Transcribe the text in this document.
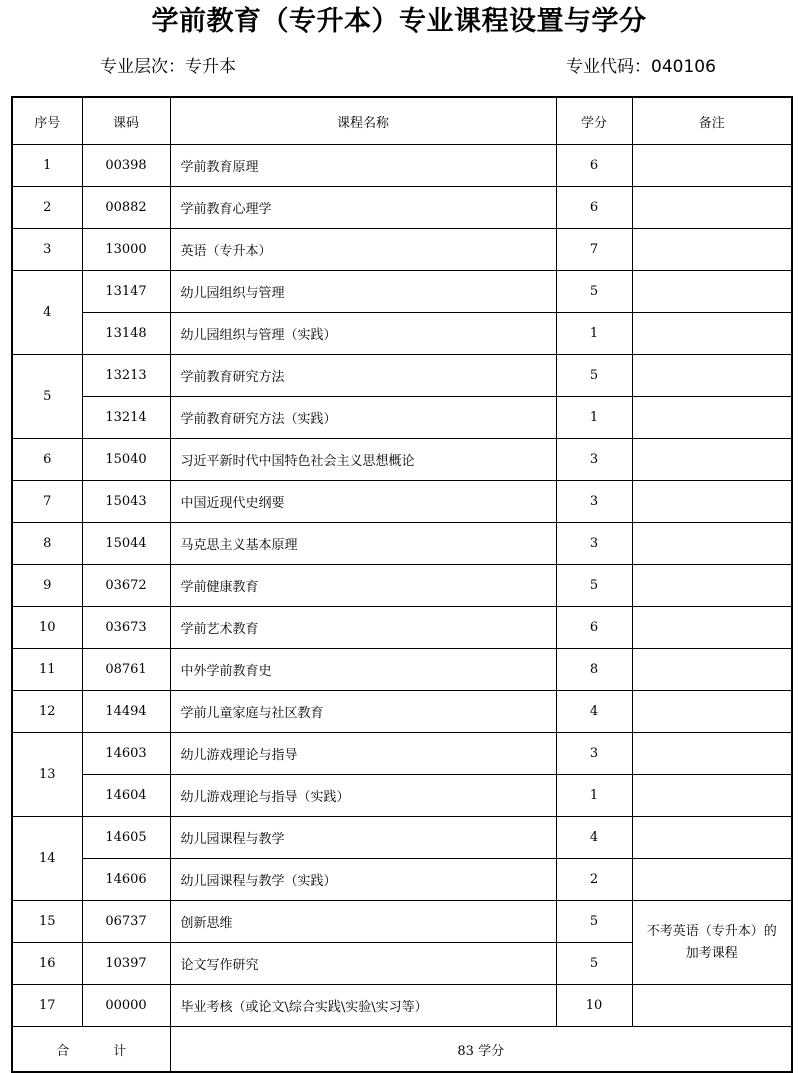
学前教育（专升本）专业课程设置与学分
专业层次：专升本	专业代码：040106
序号	课码	课程名称	学分	备注
1	00398	学前教育原理	6	
2	00882	学前教育心理学	6	
3	13000	英语（专升本）	7	
4	13147	幼儿园组织与管理	5	
	13148	幼儿园组织与管理（实践）	1	
5	13213	学前教育研究方法	5	
	13214	学前教育研究方法（实践）	1	
6	15040	习近平新时代中国特色社会主义思想概论	3	
7	15043	中国近现代史纲要	3	
8	15044	马克思主义基本原理	3	
9	03672	学前健康教育	5	
10	03673	学前艺术教育	6	
11	08761	中外学前教育史	8	
12	14494	学前儿童家庭与社区教育	4	
13	14603	幼儿游戏理论与指导	3	
	14604	幼儿游戏理论与指导（实践）	1	
14	14605	幼儿园课程与教学	4	
	14606	幼儿园课程与教学（实践）	2	
15	06737	创新思维	5	不考英语（专升本）的
加考课程
16	10397	论文写作研究	5	
17	00000	毕业考核（或论文\综合实践\实验\实习等）	10	
合 计		83 学分		
